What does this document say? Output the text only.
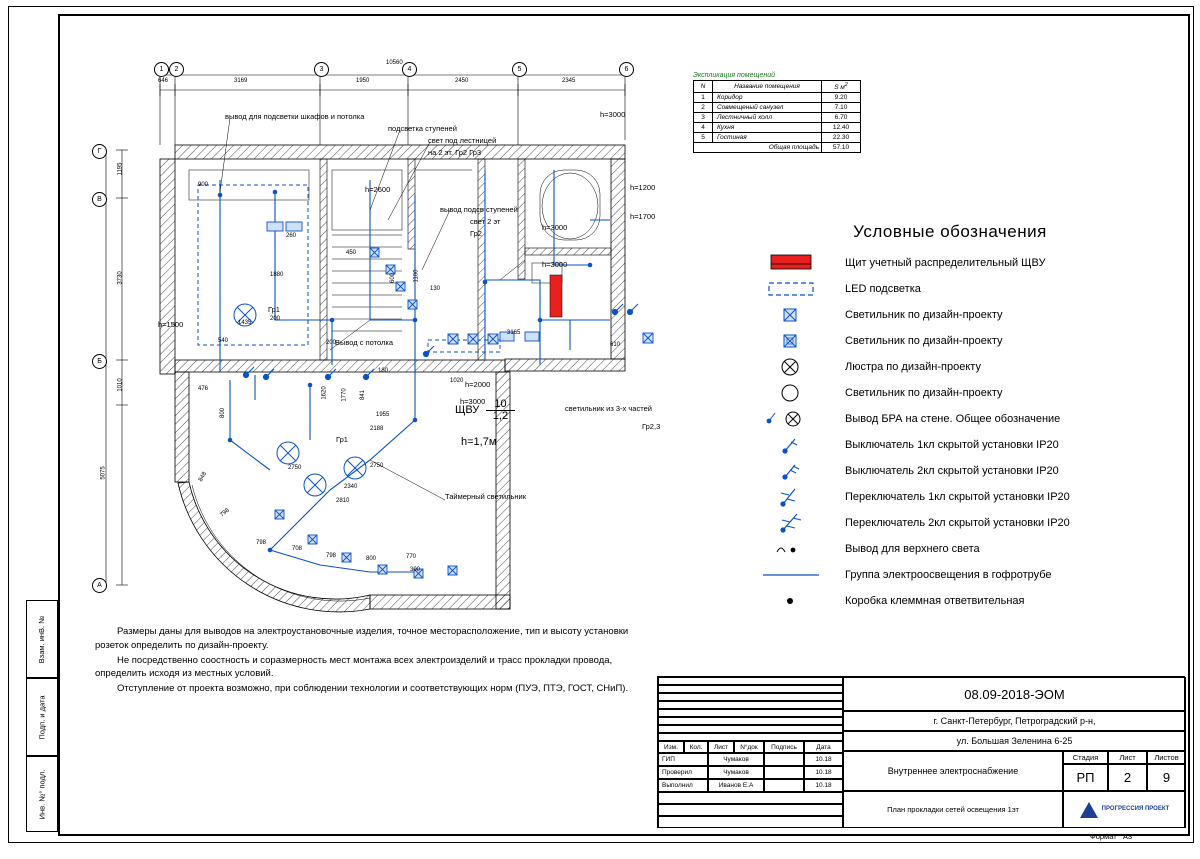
Взам. инВ. №
Подп. и дата
Инв. №° подл.
1	2	3	4	5	6
10560
646	3169	1950	2450	2345
Г
В
Б
А
1195
3730
1010
5075
вывод для подсветки шкафов и потолка
подсветка ступеней
свет под лестницей
на 2 эт. Гр2 Гр3
вывод подсв ступеней
свет 2 эт
Гр2
Вывод с потолка
светильник из 3-х частей
Гр2,3
Гр1
Гр1
Таймерный светильник
h=3000
h=2600	h=1200
h=1700
h=3000
h=3000
h=1500
h=2000
h=3000
900
1880
450
260
1435
540
200
200
180
1020
3165
610
2750
1620 1770 841
1955
2188
2750
2340
2810
800
848
798
798
708
798	800	770
300
476
1100
130
600
ЩВУ $\frac{10}{1,2}$
h=1,7м
Экспликация помещений
N	Название помещения	S $м^2$
1	Коридор	9.20
2	Совмещеный санузел	7.10
3	Лестничный холл	6.70
4	Кухня	12.40
5	Гостиная	22.30
Общая площадь		57.10
Условные обозначения
Щит учетный распределительный ЩВУ
LED подсветка
Светильник по дизайн-проекту
Светильник по дизайн-проекту
Люстра по дизайн-проекту
Светильник по дизайн-проекту
Вывод БРА на стене. Общее обозначение
Выключатель 1кл скрытой установки IP20
Выключатель 2кл скрытой установки IP20
Переключатель 1кл скрытой установки IP20
Переключатель 2кл скрытой установки IP20
Вывод для верхнего света
Группа электроосвещения в гофротрубе
Коробка клеммная ответвительная

Размеры даны для выводов на электроустановочные изделия, точное месторасположение, тип и высоту установки розеток определить по дизайн-проекту.

Не посредственно соостность и соразмерность мест монтажа всех электроизделий и трасс прокладки провода, определить исходя из местных условий.

Отступление от проекта возможно, при соблюдении технологии и соответствующих норм (ПУЭ, ПТЭ, ГОСТ, СНиП).

Изм.	Кол.	Лист	N°док	Подпись	Дата
ГИП	Чумаков	10.18
Проверил	Чумаков	10.18
Выполнил	Иванов Е.А	10.18
08.09-2018-ЭОМ
г. Санкт-Петербург, Петроградский р-н,
ул. Большая Зеленина 6-25
Внутреннее электроснабжение
Стадия	Лист	Листов
РП	2	9
План прокладки сетей освещения 1эт	ПРОГРЕССИЯ ПРОЕКТ
Формат А3
